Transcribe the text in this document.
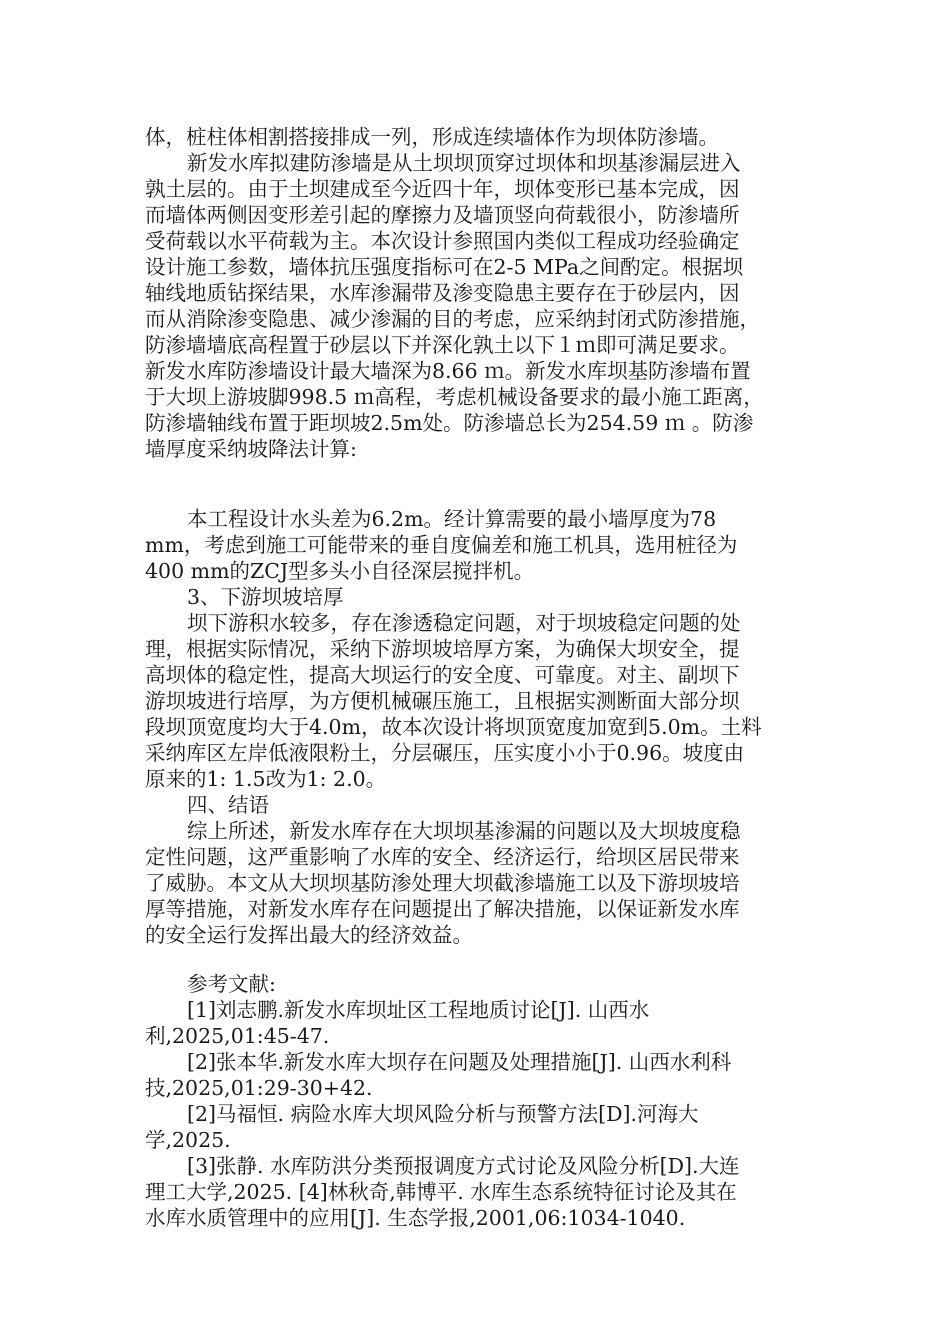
体，桩柱体相割搭接排成一列，形成连续墙体作为坝体防渗墙。
新发水库拟建防渗墙是从土坝坝顶穿过坝体和坝基渗漏层进入
孰土层的。由于土坝建成至今近四十年，坝体变形已基本完成，因
而墙体两侧因变形差引起的摩擦力及墙顶竖向荷载很小，防渗墙所
受荷载以水平荷载为主。本次设计参照国内类似工程成功经验确定
设计施工参数，墙体抗压强度指标可在2-5 MPa之间酌定。根据坝
轴线地质钻探结果，水库渗漏带及渗变隐患主要存在于砂层内，因
而从消除渗变隐患、减少渗漏的目的考虑，应采纳封闭式防渗措施，
防渗墙墙底高程置于砂层以下并深化孰土以下１ｍ即可满足要求。
新发水库防渗墙设计最大墙深为8.66 ｍ。新发水库坝基防渗墙布置
于大坝上游坡脚998.5 ｍ高程，考虑机械设备要求的最小施工距离，
防渗墙轴线布置于距坝坡2.5m处。防渗墙总长为254.59 ｍ 。防渗
墙厚度采纳坡降法计算:
本工程设计水头差为6.2m。经计算需要的最小墙厚度为78
mm，考虑到施工可能带来的垂自度偏差和施工机具，选用桩径为
400 mm的ZCJ型多头小自径深层搅拌机。
3、下游坝坡培厚
坝下游积水较多，存在渗透稳定问题，对于坝坡稳定问题的处
理，根据实际情况，采纳下游坝坡培厚方案，为确保大坝安全，提
高坝体的稳定性，提高大坝运行的安全度、可靠度。对主、副坝下
游坝坡进行培厚，为方便机械碾压施工，且根据实测断面大部分坝
段坝顶宽度均大于4.0m，故本次设计将坝顶宽度加宽到5.0m。土料
采纳库区左岸低液限粉土，分层碾压，压实度小小于0.96。坡度由
原来的1: 1.5改为1: 2.0。
四、结语
综上所述，新发水库存在大坝坝基渗漏的问题以及大坝坡度稳
定性问题，这严重影响了水库的安全、经济运行，给坝区居民带来
了威胁。本文从大坝坝基防渗处理大坝截渗墙施工以及下游坝坡培
厚等措施，对新发水库存在问题提出了解决措施，以保证新发水库
的安全运行发挥出最大的经济效益。
参考文献:
[1]刘志鹏.新发水库坝址区工程地质讨论[J]. 山西水
利,2025,01:45-47.
[2]张本华.新发水库大坝存在问题及处理措施[J]. 山西水利科
技,2025,01:29-30+42.
[2]马福恒. 病险水库大坝风险分析与预警方法[D].河海大
学,2025.
[3]张静. 水库防洪分类预报调度方式讨论及风险分析[D].大连
理工大学,2025. [4]林秋奇,韩博平. 水库生态系统特征讨论及其在
水库水质管理中的应用[J]. 生态学报,2001,06:1034-1040.
